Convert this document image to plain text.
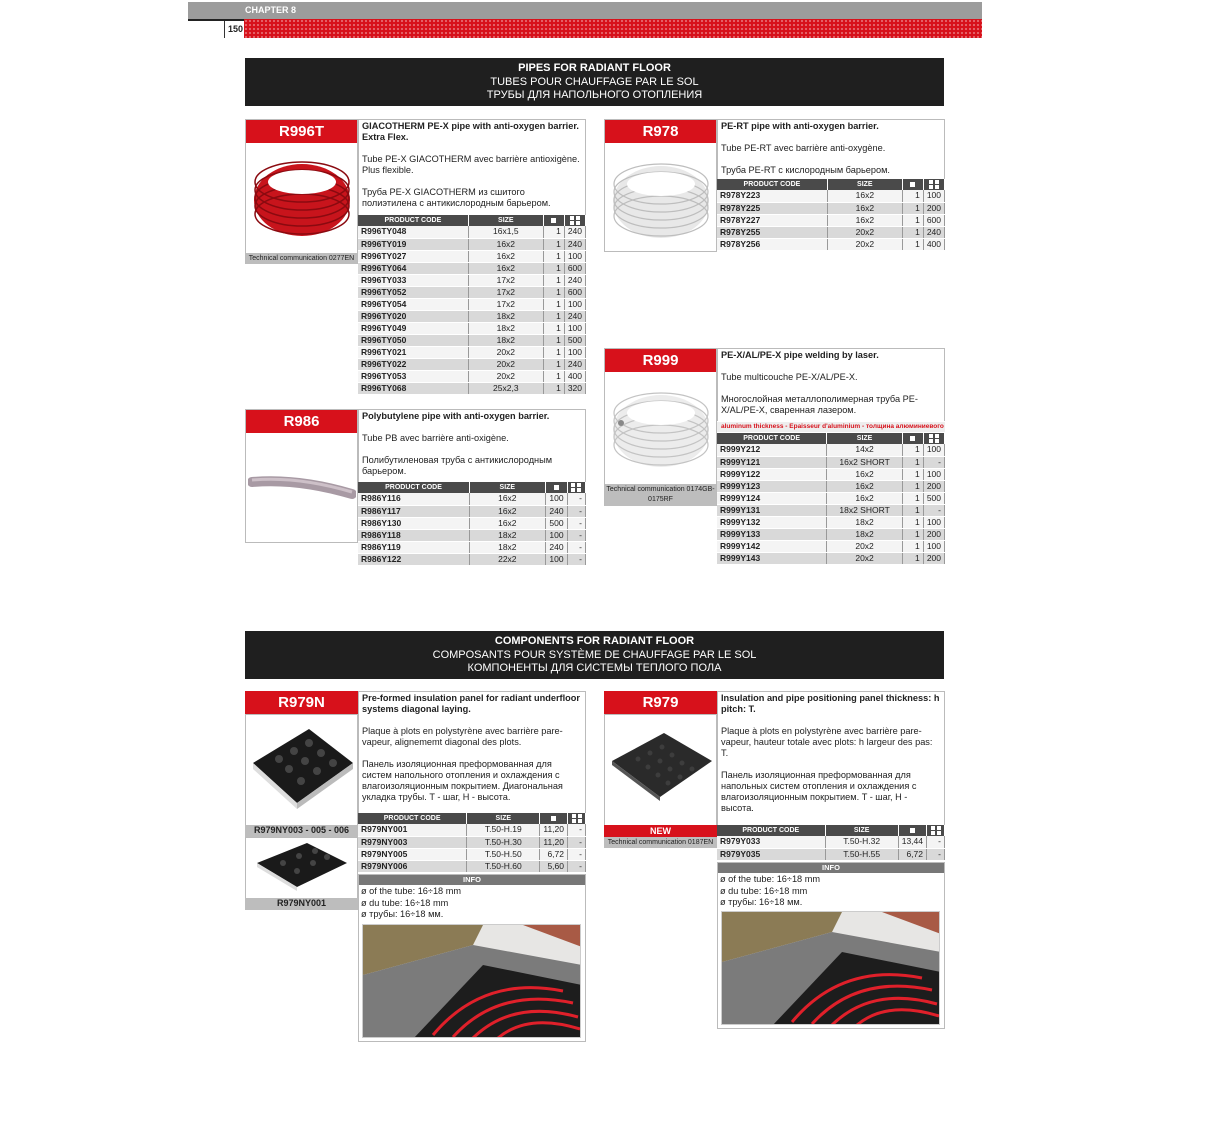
CHAPTER 8
150
PIPES FOR RADIANT FLOOR
TUBES POUR CHAUFFAGE PAR LE SOL
ТРУБЫ ДЛЯ НАПОЛЬНОГО ОТОПЛЕНИЯ
R996T
Technical communication 0277EN

GIACOTHERM PE-X pipe with anti-oxygen barrier. Extra Flex.

Tube PE-X GIACOTHERM avec barrière antioxigène. Plus flexible.

Труба PE-X GIACOTHERM из сшитого полиэтилена с антикислородным барьером.

PRODUCT CODE	SIZE		
R996TY048	16x1,5	1	240
R996TY019	16x2	1	240
R996TY027	16x2	1	100
R996TY064	16x2	1	600
R996TY033	17x2	1	240
R996TY052	17x2	1	600
R996TY054	17x2	1	100
R996TY020	18x2	1	240
R996TY049	18x2	1	100
R996TY050	18x2	1	500
R996TY021	20x2	1	100
R996TY022	20x2	1	240
R996TY053	20x2	1	400
R996TY068	25x2,3	1	320
R986	Polybutylene pipe with anti-oxygen barrier.

Tube PB avec barrière anti-oxigène.

Полибутиленовая труба с антикислородным барьером.

PRODUCT CODE	SIZE		
R986Y116	16x2	100	-
R986Y117	16x2	240	-
R986Y130	16x2	500	-
R986Y118	18x2	100	-
R986Y119	18x2	240	-
R986Y122	22x2	100	-
R978	PE-RT pipe with anti-oxygen barrier.

Tube PE-RT avec barrière anti-oxygène.

Труба PE-RT с кислородным барьером.

PRODUCT CODE	SIZE		
R978Y223	16x2	1	100
R978Y225	16x2	1	200
R978Y227	16x2	1	600
R978Y255	20x2	1	240
R978Y256	20x2	1	400
R999
Technical communication 0174GB-0175RF

PE-X/AL/PE-X pipe welding by laser.

Tube multicouche PE-X/AL/PE-X.

Многослойная металлополимерная труба PE-X/AL/PE-X, сваренная лазером.

aluminum thickness - Epaisseur d'aluminium - толщина алюминиевого
PRODUCT CODE	SIZE		
R999Y212	14x2	1	100
R999Y121	16x2 SHORT	1	-
R999Y122	16x2	1	100
R999Y123	16x2	1	200
R999Y124	16x2	1	500
R999Y131	18x2 SHORT	1	-
R999Y132	18x2	1	100
R999Y133	18x2	1	200
R999Y142	20x2	1	100
R999Y143	20x2	1	200
COMPONENTS FOR RADIANT FLOOR
COMPOSANTS POUR SYSTÈME DE CHAUFFAGE PAR LE SOL
КОМПОНЕНТЫ ДЛЯ СИСТЕМЫ ТЕПЛОГО ПОЛА
R979N
R979NY003 - 005 - 006
R979NY001

Pre-formed insulation panel for radiant underfloor systems diagonal laying.

Plaque à plots en polystyrène avec barrière pare-vapeur, alignememt diagonal des plots.

Панель изоляционная преформованная для систем напольного отопления и охлаждения с влагоизоляционным покрытием. Диагональная укладка трубы. T - шаг, H - высота.

PRODUCT CODE	SIZE		
R979NY001	T.50-H.19	11,20	-
R979NY003	T.50-H.30	11,20	-
R979NY005	T.50-H.50	6,72	-
R979NY006	T.50-H.60	5,60	-
INFO
ø of the tube: 16÷18 mm
ø du tube: 16÷18 mm
ø трубы: 16÷18 мм.
R979
NEW
Technical communication 0187EN

Insulation and pipe positioning panel thickness: h pitch: T.

Plaque à plots en polystyrène avec barrière pare-vapeur, hauteur totale avec plots: h largeur des pas: T.

Панель изоляционная преформованная для напольных систем отопления и охлаждения с влагоизоляционным покрытием. T - шаг, H - высота.

PRODUCT CODE	SIZE		
R979Y033	T.50-H.32	13,44	-
R979Y035	T.50-H.55	6,72	-
INFO
ø of the tube: 16÷18 mm
ø du tube: 16÷18 mm
ø трубы: 16÷18 мм.
